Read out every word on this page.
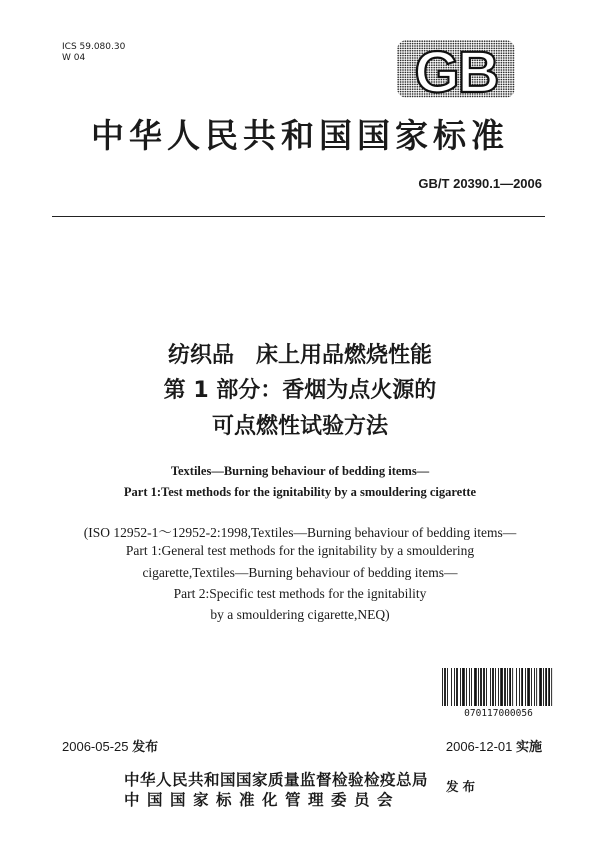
ICS 59.080.30
W 04	GB
中华人民共和国国家标准
GB/T 20390.1—2006
纺织品　床上用品燃烧性能
第 1 部分：香烟为点火源的
可点燃性试验方法
Textiles—Burning behaviour of bedding items—
Part 1:Test methods for the ignitability by a smouldering cigarette
(ISO 12952-1～12952-2:1998,Textiles—Burning behaviour of bedding items—
Part 1:General test methods for the ignitability by a smouldering
cigarette,Textiles—Burning behaviour of bedding items—
Part 2:Specific test methods for the ignitability
by a smouldering cigarette,NEQ)
070117000056
2006-05-25 发布	2006-12-01 实施
中华人民共和国国家质量监督检验检疫总局
中国国家标准化管理委员会
发布
